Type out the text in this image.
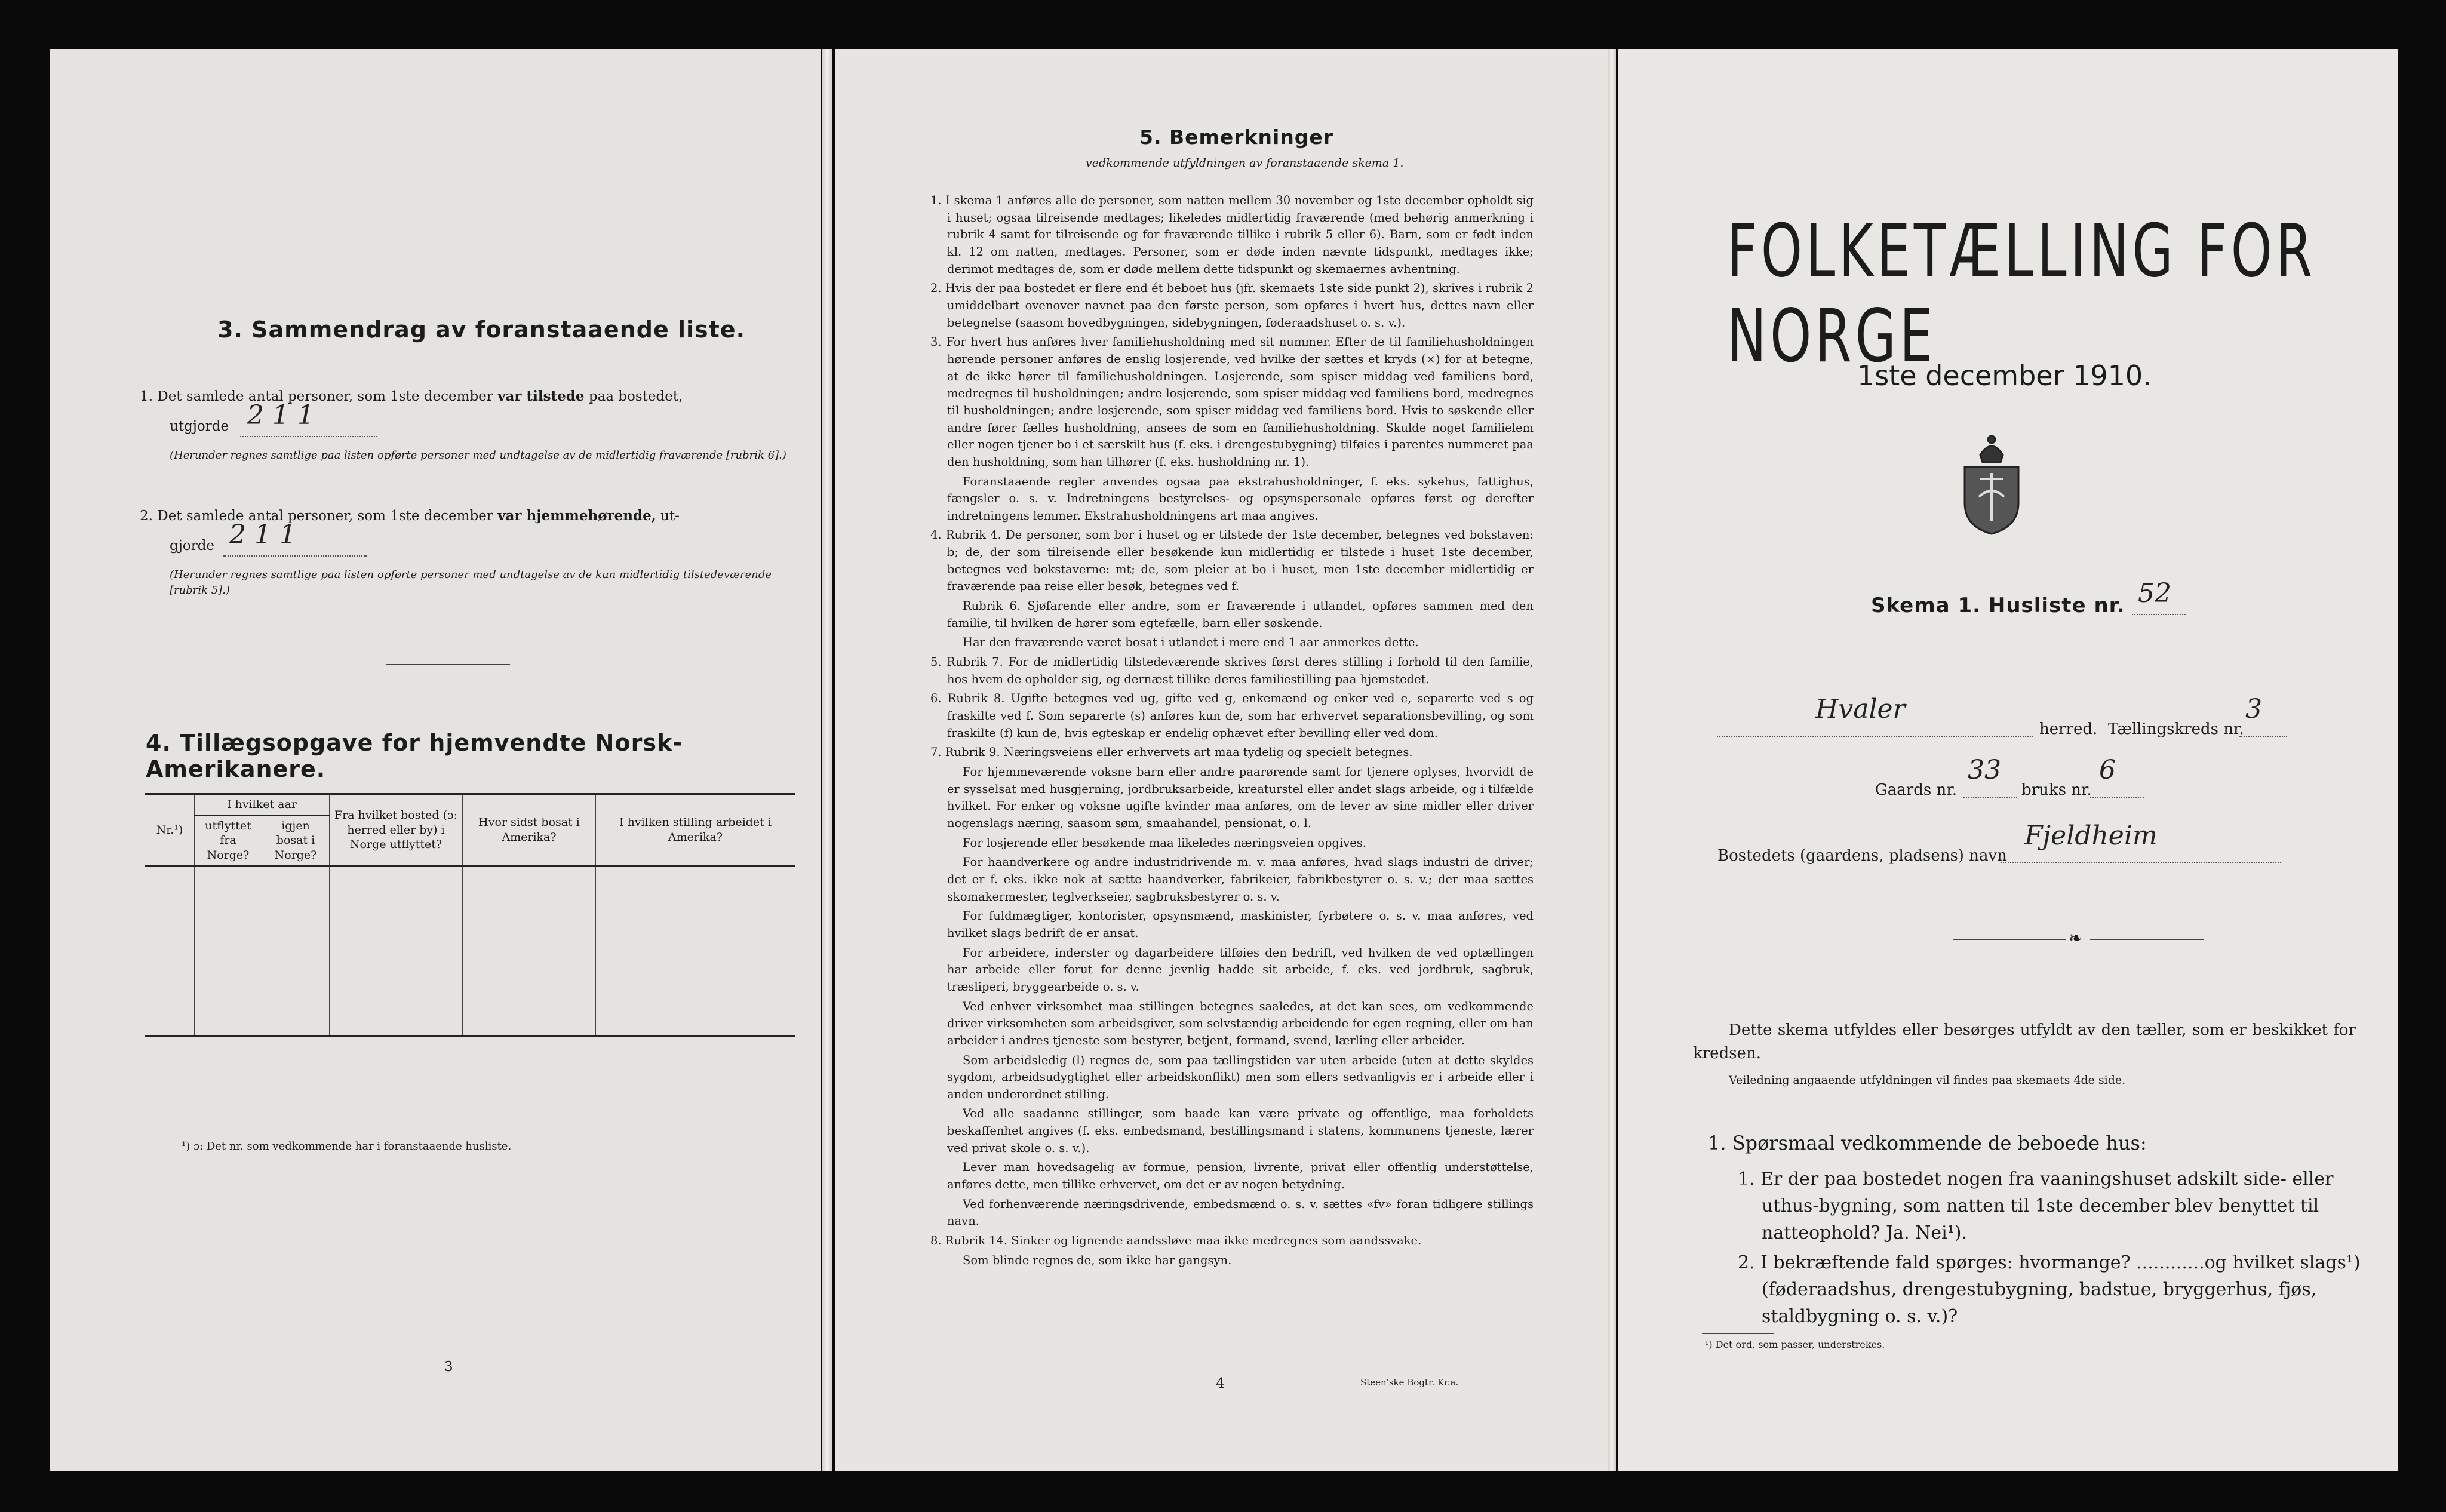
3. Sammendrag av foranstaaende liste.
1. Det samlede antal personer, som 1ste december var tilstede paa bostedet,
utgjorde 2 1 1
(Herunder regnes samtlige paa listen opførte personer med undtagelse av de midlertidig fraværende [rubrik 6].)
2. Det samlede antal personer, som 1ste december var hjemmehørende, ut-
gjorde 2 1 1
(Herunder regnes samtlige paa listen opførte personer med undtagelse av de kun midlertidig tilstedeværende [rubrik 5].)
4. Tillægsopgave for hjemvendte Norsk-Amerikanere.
Nr.¹)	I hvilket aar		Fra hvilket bosted (ɔ: herred eller by) i Norge utflyttet?	Hvor sidst bosat i Amerika?	I hvilken stilling arbeidet i Amerika?
	utflyttet fra Norge?	igjen bosat i Norge?			

¹) ɔ: Det nr. som vedkommende har i foranstaaende husliste.
3
5. Bemerkninger
vedkommende utfyldningen av foranstaaende skema 1.

1. I skema 1 anføres alle de personer, som natten mellem 30 november og 1ste december opholdt sig i huset; ogsaa tilreisende medtages; likeledes midlertidig fraværende (med behørig anmerkning i rubrik 4 samt for tilreisende og for fraværende tillike i rubrik 5 eller 6). Barn, som er født inden kl. 12 om natten, medtages. Personer, som er døde inden nævnte tidspunkt, medtages ikke; derimot medtages de, som er døde mellem dette tidspunkt og skemaernes avhentning.

2. Hvis der paa bostedet er flere end ét beboet hus (jfr. skemaets 1ste side punkt 2), skrives i rubrik 2 umiddelbart ovenover navnet paa den første person, som opføres i hvert hus, dettes navn eller betegnelse (saasom hovedbygningen, sidebygningen, føderaadshuset o. s. v.).

3. For hvert hus anføres hver familiehusholdning med sit nummer. Efter de til familiehusholdningen hørende personer anføres de enslig losjerende, ved hvilke der sættes et kryds (×) for at betegne, at de ikke hører til familiehusholdningen. Losjerende, som spiser middag ved familiens bord, medregnes til husholdningen; andre losjerende, som spiser middag ved familiens bord, medregnes til husholdningen; andre losjerende, som spiser middag ved familiens bord. Hvis to søskende eller andre fører fælles husholdning, ansees de som en familiehusholdning. Skulde noget familielem eller nogen tjener bo i et særskilt hus (f. eks. i drengestubygning) tilføies i parentes nummeret paa den husholdning, som han tilhører (f. eks. husholdning nr. 1).

Foranstaaende regler anvendes ogsaa paa ekstrahusholdninger, f. eks. sykehus, fattighus, fængsler o. s. v. Indretningens bestyrelses- og opsynspersonale opføres først og derefter indretningens lemmer. Ekstrahusholdningens art maa angives.

4. Rubrik 4. De personer, som bor i huset og er tilstede der 1ste december, betegnes ved bokstaven: b; de, der som tilreisende eller besøkende kun midlertidig er tilstede i huset 1ste december, betegnes ved bokstaverne: mt; de, som pleier at bo i huset, men 1ste december midlertidig er fraværende paa reise eller besøk, betegnes ved f.

Rubrik 6. Sjøfarende eller andre, som er fraværende i utlandet, opføres sammen med den familie, til hvilken de hører som egtefælle, barn eller søskende.

Har den fraværende været bosat i utlandet i mere end 1 aar anmerkes dette.

5. Rubrik 7. For de midlertidig tilstedeværende skrives først deres stilling i forhold til den familie, hos hvem de opholder sig, og dernæst tillike deres familiestilling paa hjemstedet.

6. Rubrik 8. Ugifte betegnes ved ug, gifte ved g, enkemænd og enker ved e, separerte ved s og fraskilte ved f. Som separerte (s) anføres kun de, som har erhvervet separationsbevilling, og som fraskilte (f) kun de, hvis egteskap er endelig ophævet efter bevilling eller ved dom.

7. Rubrik 9. Næringsveiens eller erhvervets art maa tydelig og specielt betegnes.

For hjemmeværende voksne barn eller andre paarørende samt for tjenere oplyses, hvorvidt de er sysselsat med husgjerning, jordbruksarbeide, kreaturstel eller andet slags arbeide, og i tilfælde hvilket. For enker og voksne ugifte kvinder maa anføres, om de lever av sine midler eller driver nogenslags næring, saasom søm, smaahandel, pensionat, o. l.

For losjerende eller besøkende maa likeledes næringsveien opgives.

For haandverkere og andre industridrivende m. v. maa anføres, hvad slags industri de driver; det er f. eks. ikke nok at sætte haandverker, fabrikeier, fabrikbestyrer o. s. v.; der maa sættes skomakermester, teglverkseier, sagbruksbestyrer o. s. v.

For fuldmægtiger, kontorister, opsynsmænd, maskinister, fyrbøtere o. s. v. maa anføres, ved hvilket slags bedrift de er ansat.

For arbeidere, inderster og dagarbeidere tilføies den bedrift, ved hvilken de ved optællingen har arbeide eller forut for denne jevnlig hadde sit arbeide, f. eks. ved jordbruk, sagbruk, træsliperi, bryggearbeide o. s. v.

Ved enhver virksomhet maa stillingen betegnes saaledes, at det kan sees, om vedkommende driver virksomheten som arbeidsgiver, som selvstændig arbeidende for egen regning, eller om han arbeider i andres tjeneste som bestyrer, betjent, formand, svend, lærling eller arbeider.

Som arbeidsledig (l) regnes de, som paa tællingstiden var uten arbeide (uten at dette skyldes sygdom, arbeidsudygtighet eller arbeidskonflikt) men som ellers sedvanligvis er i arbeide eller i anden underordnet stilling.

Ved alle saadanne stillinger, som baade kan være private og offentlige, maa forholdets beskaffenhet angives (f. eks. embedsmand, bestillingsmand i statens, kommunens tjeneste, lærer ved privat skole o. s. v.).

Lever man hovedsagelig av formue, pension, livrente, privat eller offentlig understøttelse, anføres dette, men tillike erhvervet, om det er av nogen betydning.

Ved forhenværende næringsdrivende, embedsmænd o. s. v. sættes «fv» foran tidligere stillings navn.

8. Rubrik 14. Sinker og lignende aandssløve maa ikke medregnes som aandssvake.

Som blinde regnes de, som ikke har gangsyn.

4	Steen'ske Bogtr. Kr.a.
FOLKETÆLLING FOR NORGE
1ste december 1910.
Skema 1. Husliste nr. 52
Hvaler
herred. Tællingskreds nr.
3
Gaards nr.
33
bruks nr.
6
Bostedets (gaardens, pladsens) navn
Fjeldheim
❧
Dette skema utfyldes eller besørges utfyldt av den tæller, som er beskikket for kredsen.
Veiledning angaaende utfyldningen vil findes paa skemaets 4de side.
1. Spørsmaal vedkommende de beboede hus:
1. Er der paa bostedet nogen fra vaaningshuset adskilt side- eller uthus-bygning, som natten til 1ste december blev benyttet til natteophold? Ja. Nei¹).
2. I bekræftende fald spørges: hvormange? ............og hvilket slags¹) (føderaadshus, drengestubygning, badstue, bryggerhus, fjøs, staldbygning o. s. v.)?
¹) Det ord, som passer, understrekes.
